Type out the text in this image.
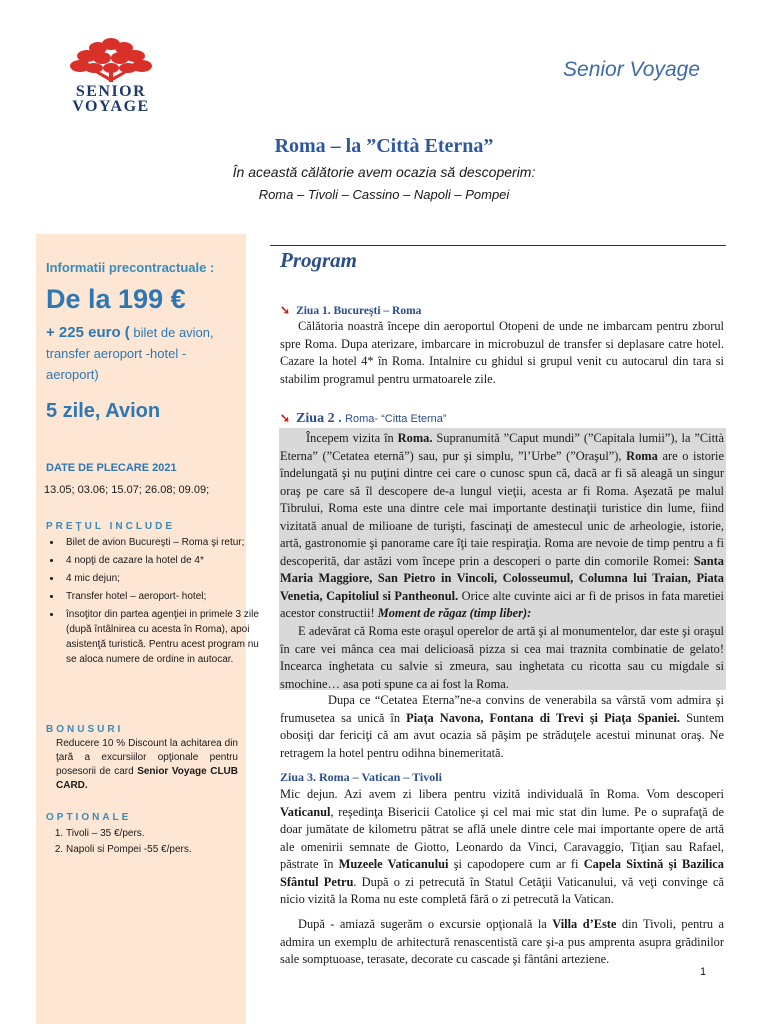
SENIOR
VOYAGE
Senior Voyage
Roma – la ”Città Eterna”
În această călătorie avem ocazia să descoperim:
Roma – Tivoli – Cassino – Napoli – Pompei
Informatii precontractuale :
De la 199 €
+ 225 euro ( bilet de avion, transfer aeroport -hotel - aeroport)
5 zile, Avion
DATE DE PLECARE 2021
13.05; 03.06; 15.07; 26.08; 09.09;
PREŢUL INCLUDE
• Bilet de avion Bucureşti – Roma şi retur;
• 4 nopţi de cazare la hotel de 4*
• 4 mic dejun;
• Transfer hotel – aeroport- hotel;
• însoţitor din partea agenţiei in primele 3 zile (după întâlnirea cu acesta în Roma), apoi asistenţă turistică. Pentru acest program nu se aloca numere de ordine in autocar.
BONUSURI
Reducere 10 % Discount la achitarea din ţară a excursiilor opţionale pentru posesorii de card Senior Voyage CLUB CARD.
OPTIONALE
1. Tivoli – 35 €/pers.
2. Napoli si Pompei -55 €/pers.
Program
➘ Ziua 1. Bucureşti – Roma
Călătoria noastră începe din aeroportul Otopeni de unde ne imbarcam pentru zborul spre Roma. Dupa aterizare, imbarcare in microbuzul de transfer si deplasare catre hotel. Cazare la hotel 4* în Roma. Intalnire cu ghidul si grupul venit cu autocarul din tara si stabilim programul pentru urmatoarele zile.
➘ Ziua 2 . Roma- “Citta Eterna”
Începem vizita în Roma. Supranumită ”Caput mundi” (”Capitala lumii”), la ”Città Eterna” (”Cetatea eternă”) sau, pur şi simplu, ”l’Urbe” (”Oraşul”), Roma are o istorie îndelungată şi nu puţini dintre cei care o cunosc spun că, dacă ar fi să aleagă un singur oraş pe care să îl descopere de-a lungul vieţii, acesta ar fi Roma. Aşezată pe malul Tibrului, Roma este una dintre cele mai importante destinaţii turistice din lume, fiind vizitată anual de milioane de turişti, fascinaţi de amestecul unic de arheologie, istorie, artă, gastronomie şi panorame care îţi taie respiraţia. Roma are nevoie de timp pentru a fi descoperită, dar astăzi vom începe prin a descoperi o parte din comorile Romei: Santa Maria Maggiore, San Pietro in Vincoli, Colosseumul, Columna lui Traian, Piata Venetia, Capitoliul si Pantheonul. Orice alte cuvinte aici ar fi de prisos in fata maretiei acestor constructii! Moment de răgaz (timp liber):
E adevărat că Roma este oraşul operelor de artă şi al monumentelor, dar este şi oraşul în care vei mânca cea mai delicioasă pizza si cea mai traznita combinatie de gelato! Incearca inghetata cu salvie si zmeura, sau inghetata cu ricotta sau cu migdale si smochine… asa poti spune ca ai fost la Roma.
Dupa ce “Cetatea Eterna”ne-a convins de venerabila sa vârstă vom admira şi frumusetea sa unică în Piaţa Navona, Fontana di Trevi şi Piaţa Spaniei. Suntem obosiţi dar fericiţi că am avut ocazia să păşim pe străduţele acestui minunat oraş. Ne retragem la hotel pentru odihna binemeritată.
Ziua 3. Roma – Vatican – Tivoli
Mic dejun. Azi avem zi libera pentru vizită individuală în Roma. Vom descoperi Vaticanul, reşedinţa Bisericii Catolice şi cel mai mic stat din lume. Pe o suprafaţă de doar jumătate de kilometru pătrat se află unele dintre cele mai importante opere de artă ale omenirii semnate de Giotto, Leonardo da Vinci, Caravaggio, Tiţian sau Rafael, păstrate în Muzeele Vaticanului şi capodopere cum ar fi Capela Sixtină şi Bazilica Sfântul Petru. După o zi petrecută în Statul Cetăţii Vaticanului, vă veţi convinge că nicio vizită la Roma nu este completă fără o zi petrecută la Vatican.
După - amiază sugerăm o excursie opţională la Villa d’Este din Tivoli, pentru a admira un exemplu de arhitectură renascentistă care şi-a pus amprenta asupra grădinilor sale somptuoase, terasate, decorate cu cascade şi fântâni arteziene.
1
